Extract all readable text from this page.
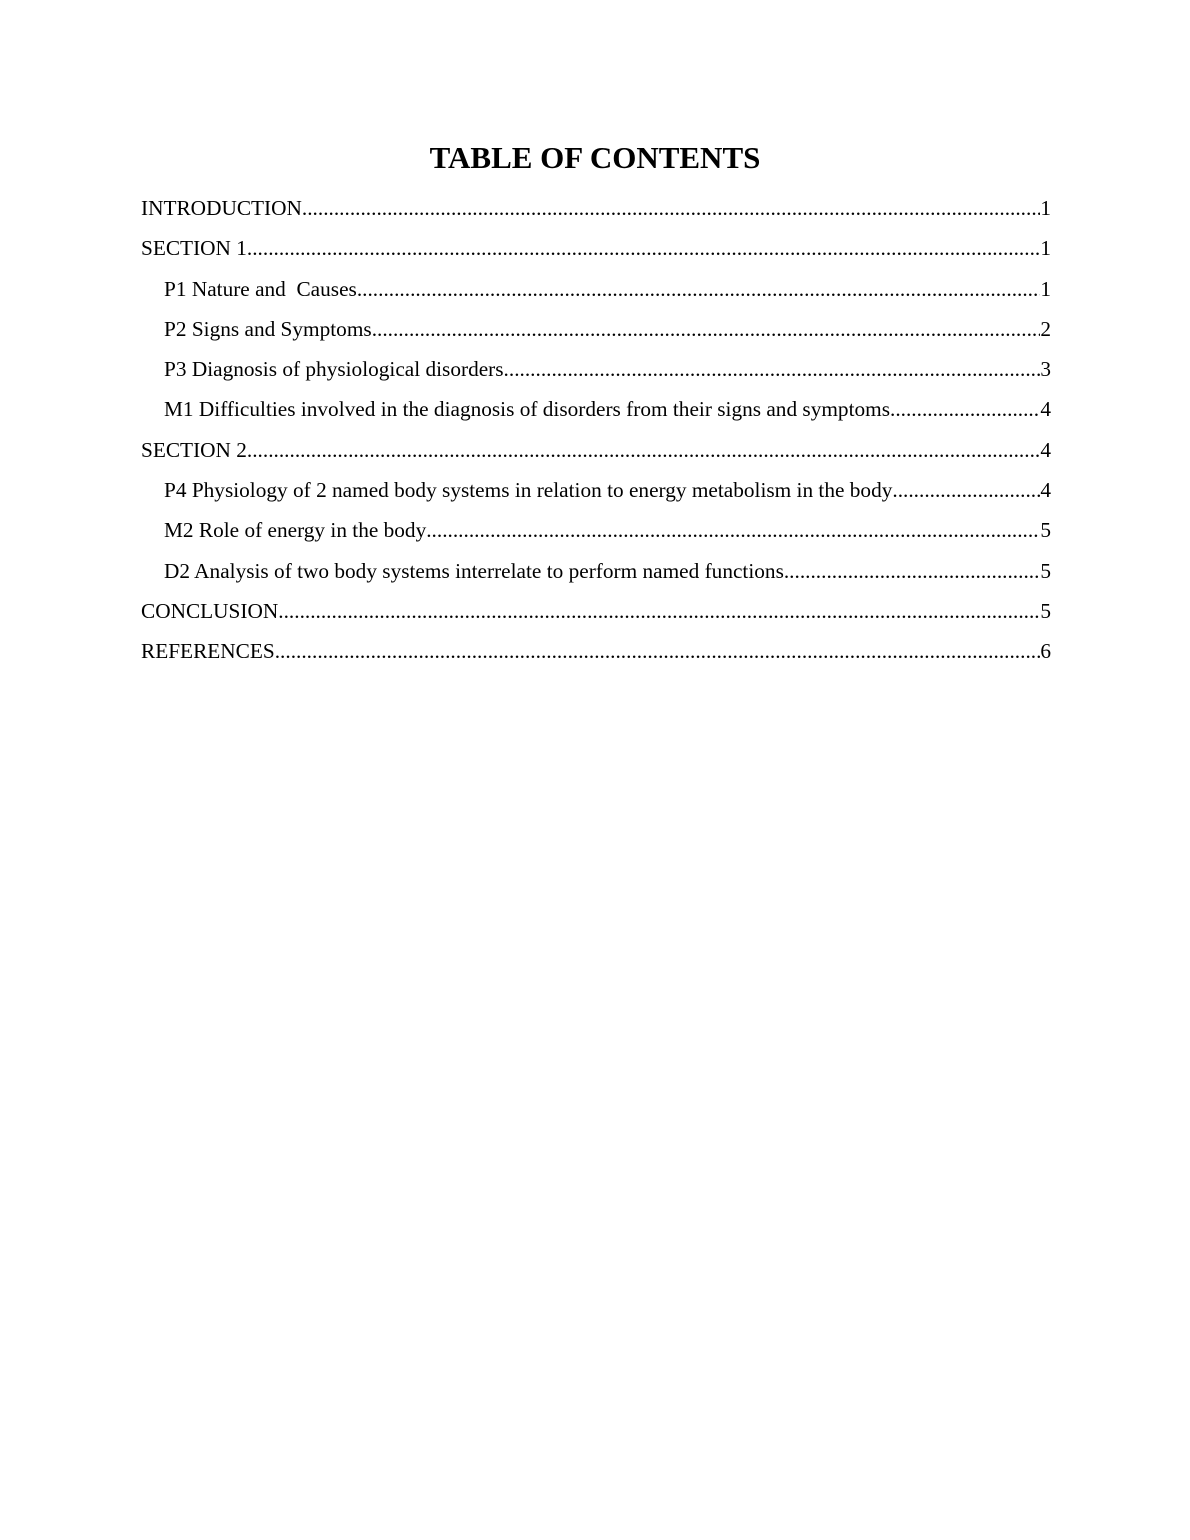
TABLE OF CONTENTS
INTRODUCTION .....	1
SECTION 1 .....	1
P1 Nature and  Causes .....	1
P2 Signs and Symptoms .....	2
P3 Diagnosis of physiological disorders .....	3
M1 Difficulties involved in the diagnosis of disorders from their signs and symptoms .....	4
SECTION 2 .....	4
P4 Physiology of 2 named body systems in relation to energy metabolism in the body .....	4
M2 Role of energy in the body .....	5
D2 Analysis of two body systems interrelate to perform named functions .....	5
CONCLUSION .....	5
REFERENCES .....	6
